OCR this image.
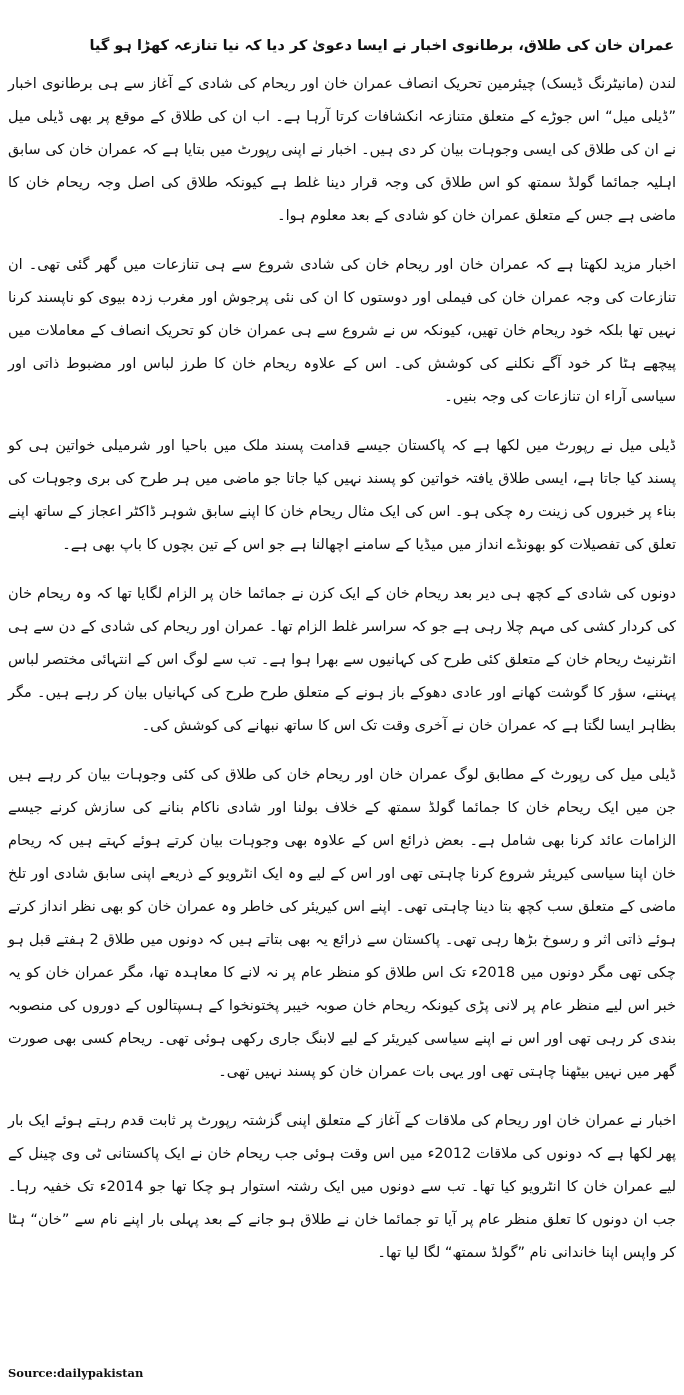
عمران خان کی طلاق، برطانوی اخبار نے ایسا دعویٰ کر دیا کہ نیا تنازعہ کھڑا ہو گیا

لندن (مانیٹرنگ ڈیسک) چیئرمین تحریک انصاف عمران خان اور ریحام کی شادی کے آغاز سے ہی برطانوی اخبار ”ڈیلی میل“ اس جوڑے کے متعلق متنازعہ انکشافات کرتا آرہا ہے۔ اب ان کی طلاق کے موقع پر بھی ڈیلی میل نے ان کی طلاق کی ایسی وجوہات بیان کر دی ہیں۔ اخبار نے اپنی رپورٹ میں بتایا ہے کہ عمران خان کی سابق اہلیہ جمائما گولڈ سمتھ کو اس طلاق کی وجہ قرار دینا غلط ہے کیونکہ طلاق کی اصل وجہ ریحام خان کا ماضی ہے جس کے متعلق عمران خان کو شادی کے بعد معلوم ہوا۔

اخبار مزید لکھتا ہے کہ عمران خان اور ریحام خان کی شادی شروع سے ہی تنازعات میں گھر گئی تھی۔ ان تنازعات کی وجہ عمران خان کی فیملی اور دوستوں کا ان کی نئی پرجوش اور مغرب زدہ بیوی کو ناپسند کرنا نہیں تھا بلکہ خود ریحام خان تھیں، کیونکہ س نے شروع سے ہی عمران خان کو تحریک انصاف کے معاملات میں پیچھے ہٹا کر خود آگے نکلنے کی کوشش کی۔ اس کے علاوہ ریحام خان کا طرز لباس اور مضبوط ذاتی اور سیاسی آراء ان تنازعات کی وجہ بنیں۔

ڈیلی میل نے رپورٹ میں لکھا ہے کہ پاکستان جیسے قدامت پسند ملک میں باحیا اور شرمیلی خواتین ہی کو پسند کیا جاتا ہے، ایسی طلاق یافتہ خواتین کو پسند نہیں کیا جاتا جو ماضی میں ہر طرح کی بری وجوہات کی بناء پر خبروں کی زینت رہ چکی ہو۔ اس کی ایک مثال ریحام خان کا اپنے سابق شوہر ڈاکٹر اعجاز کے ساتھ اپنے تعلق کی تفصیلات کو بھونڈے انداز میں میڈیا کے سامنے اچھالنا ہے جو اس کے تین بچوں کا باپ بھی ہے۔

دونوں کی شادی کے کچھ ہی دیر بعد ریحام خان کے ایک کزن نے جمائما خان پر الزام لگایا تھا کہ وہ ریحام خان کی کردار کشی کی مہم چلا رہی ہے جو کہ سراسر غلط الزام تھا۔ عمران اور ریحام کی شادی کے دن سے ہی انٹرنیٹ ریحام خان کے متعلق کئی طرح کی کہانیوں سے بھرا ہوا ہے۔ تب سے لوگ اس کے انتہائی مختصر لباس پہننے، سؤر کا گوشت کھانے اور عادی دھوکے باز ہونے کے متعلق طرح طرح کی کہانیاں بیان کر رہے ہیں۔ مگر بظاہر ایسا لگتا ہے کہ عمران خان نے آخری وقت تک اس کا ساتھ نبھانے کی کوشش کی۔

ڈیلی میل کی رپورٹ کے مطابق لوگ عمران خان اور ریحام خان کی طلاق کی کئی وجوہات بیان کر رہے ہیں جن میں ایک ریحام خان کا جمائما گولڈ سمتھ کے خلاف بولنا اور شادی ناکام بنانے کی سازش کرنے جیسے الزامات عائد کرنا بھی شامل ہے۔ بعض ذرائع اس کے علاوہ بھی وجوہات بیان کرتے ہوئے کہتے ہیں کہ ریحام خان اپنا سیاسی کیریئر شروع کرنا چاہتی تھی اور اس کے لیے وہ ایک انٹرویو کے ذریعے اپنی سابق شادی اور تلخ ماضی کے متعلق سب کچھ بتا دینا چاہتی تھی۔ اپنے اس کیریئر کی خاطر وہ عمران خان کو بھی نظر انداز کرتے ہوئے ذاتی اثر و رسوخ بڑھا رہی تھی۔ پاکستان سے ذرائع یہ بھی بتاتے ہیں کہ دونوں میں طلاق 2 ہفتے قبل ہو چکی تھی مگر دونوں میں 2018ء تک اس طلاق کو منظر عام پر نہ لانے کا معاہدہ تھا، مگر عمران خان کو یہ خبر اس لیے منظر عام پر لانی پڑی کیونکہ ریحام خان صوبہ خیبر پختونخوا کے ہسپتالوں کے دوروں کی منصوبہ بندی کر رہی تھی اور اس نے اپنے سیاسی کیریئر کے لیے لابنگ جاری رکھی ہوئی تھی۔ ریحام کسی بھی صورت گھر میں نہیں بیٹھنا چاہتی تھی اور یہی بات عمران خان کو پسند نہیں تھی۔

اخبار نے عمران خان اور ریحام کی ملاقات کے آغاز کے متعلق اپنی گزشتہ رپورٹ پر ثابت قدم رہتے ہوئے ایک بار پھر لکھا ہے کہ دونوں کی ملاقات 2012ء میں اس وقت ہوئی جب ریحام خان نے ایک پاکستانی ٹی وی چینل کے لیے عمران خان کا انٹرویو کیا تھا۔ تب سے دونوں میں ایک رشتہ استوار ہو چکا تھا جو 2014ء تک خفیہ رہا۔ جب ان دونوں کا تعلق منظر عام پر آیا تو جمائما خان نے طلاق ہو جانے کے بعد پہلی بار اپنے نام سے ”خان“ ہٹا کر واپس اپنا خاندانی نام ”گولڈ سمتھ“ لگا لیا تھا۔

Source:dailypakistan
